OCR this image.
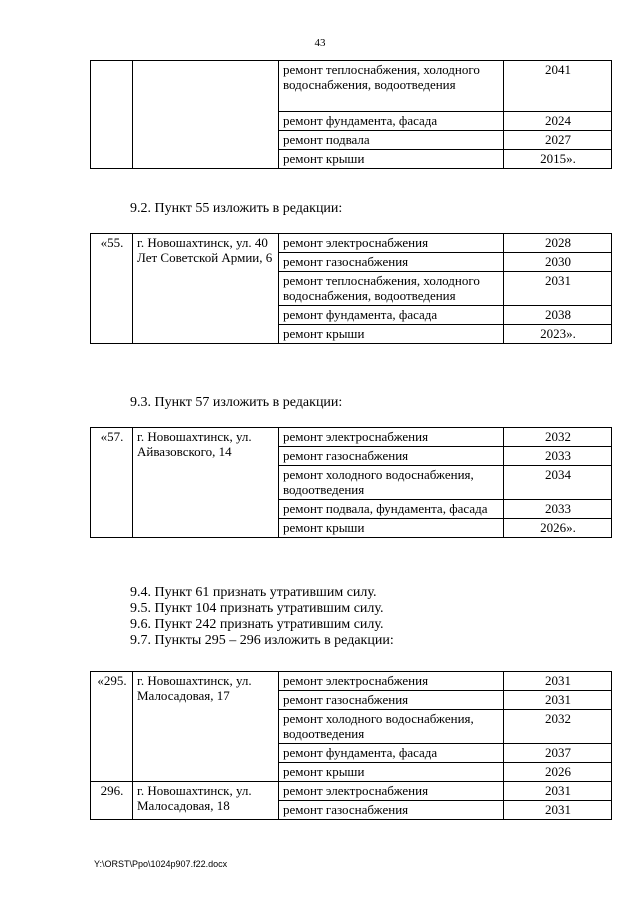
43
		ремонт теплоснабжения, холодного водоснабжения, водоотведения	2041
		ремонт фундамента, фасада	2024
		ремонт подвала	2027
		ремонт крыши	2015».

9.2. Пункт 55 изложить в редакции:

«55.	г. Новошахтинск, ул. 40 Лет Советской Армии, 6	ремонт электроснабжения	2028
		ремонт газоснабжения	2030
		ремонт теплоснабжения, холодного водоснабжения, водоотведения	2031
		ремонт фундамента, фасада	2038
		ремонт крыши	2023».

9.3. Пункт 57 изложить в редакции:

«57.	г. Новошахтинск, ул. Айвазовского, 14	ремонт электроснабжения	2032
		ремонт газоснабжения	2033
		ремонт холодного водоснабжения, водоотведения	2034
		ремонт подвала, фундамента, фасада	2033
		ремонт крыши	2026».
9.4. Пункт 61 признать утратившим силу.
9.5. Пункт 104 признать утратившим силу.
9.6. Пункт 242 признать утратившим силу.
9.7. Пункты 295 – 296 изложить в редакции:
«295.	г. Новошахтинск, ул. Малосадовая, 17	ремонт электроснабжения	2031
		ремонт газоснабжения	2031
		ремонт холодного водоснабжения, водоотведения	2032
		ремонт фундамента, фасада	2037
		ремонт крыши	2026
296.	г. Новошахтинск, ул. Малосадовая, 18	ремонт электроснабжения	2031
		ремонт газоснабжения	2031
Y:\ORST\Ppo\1024p907.f22.docx
